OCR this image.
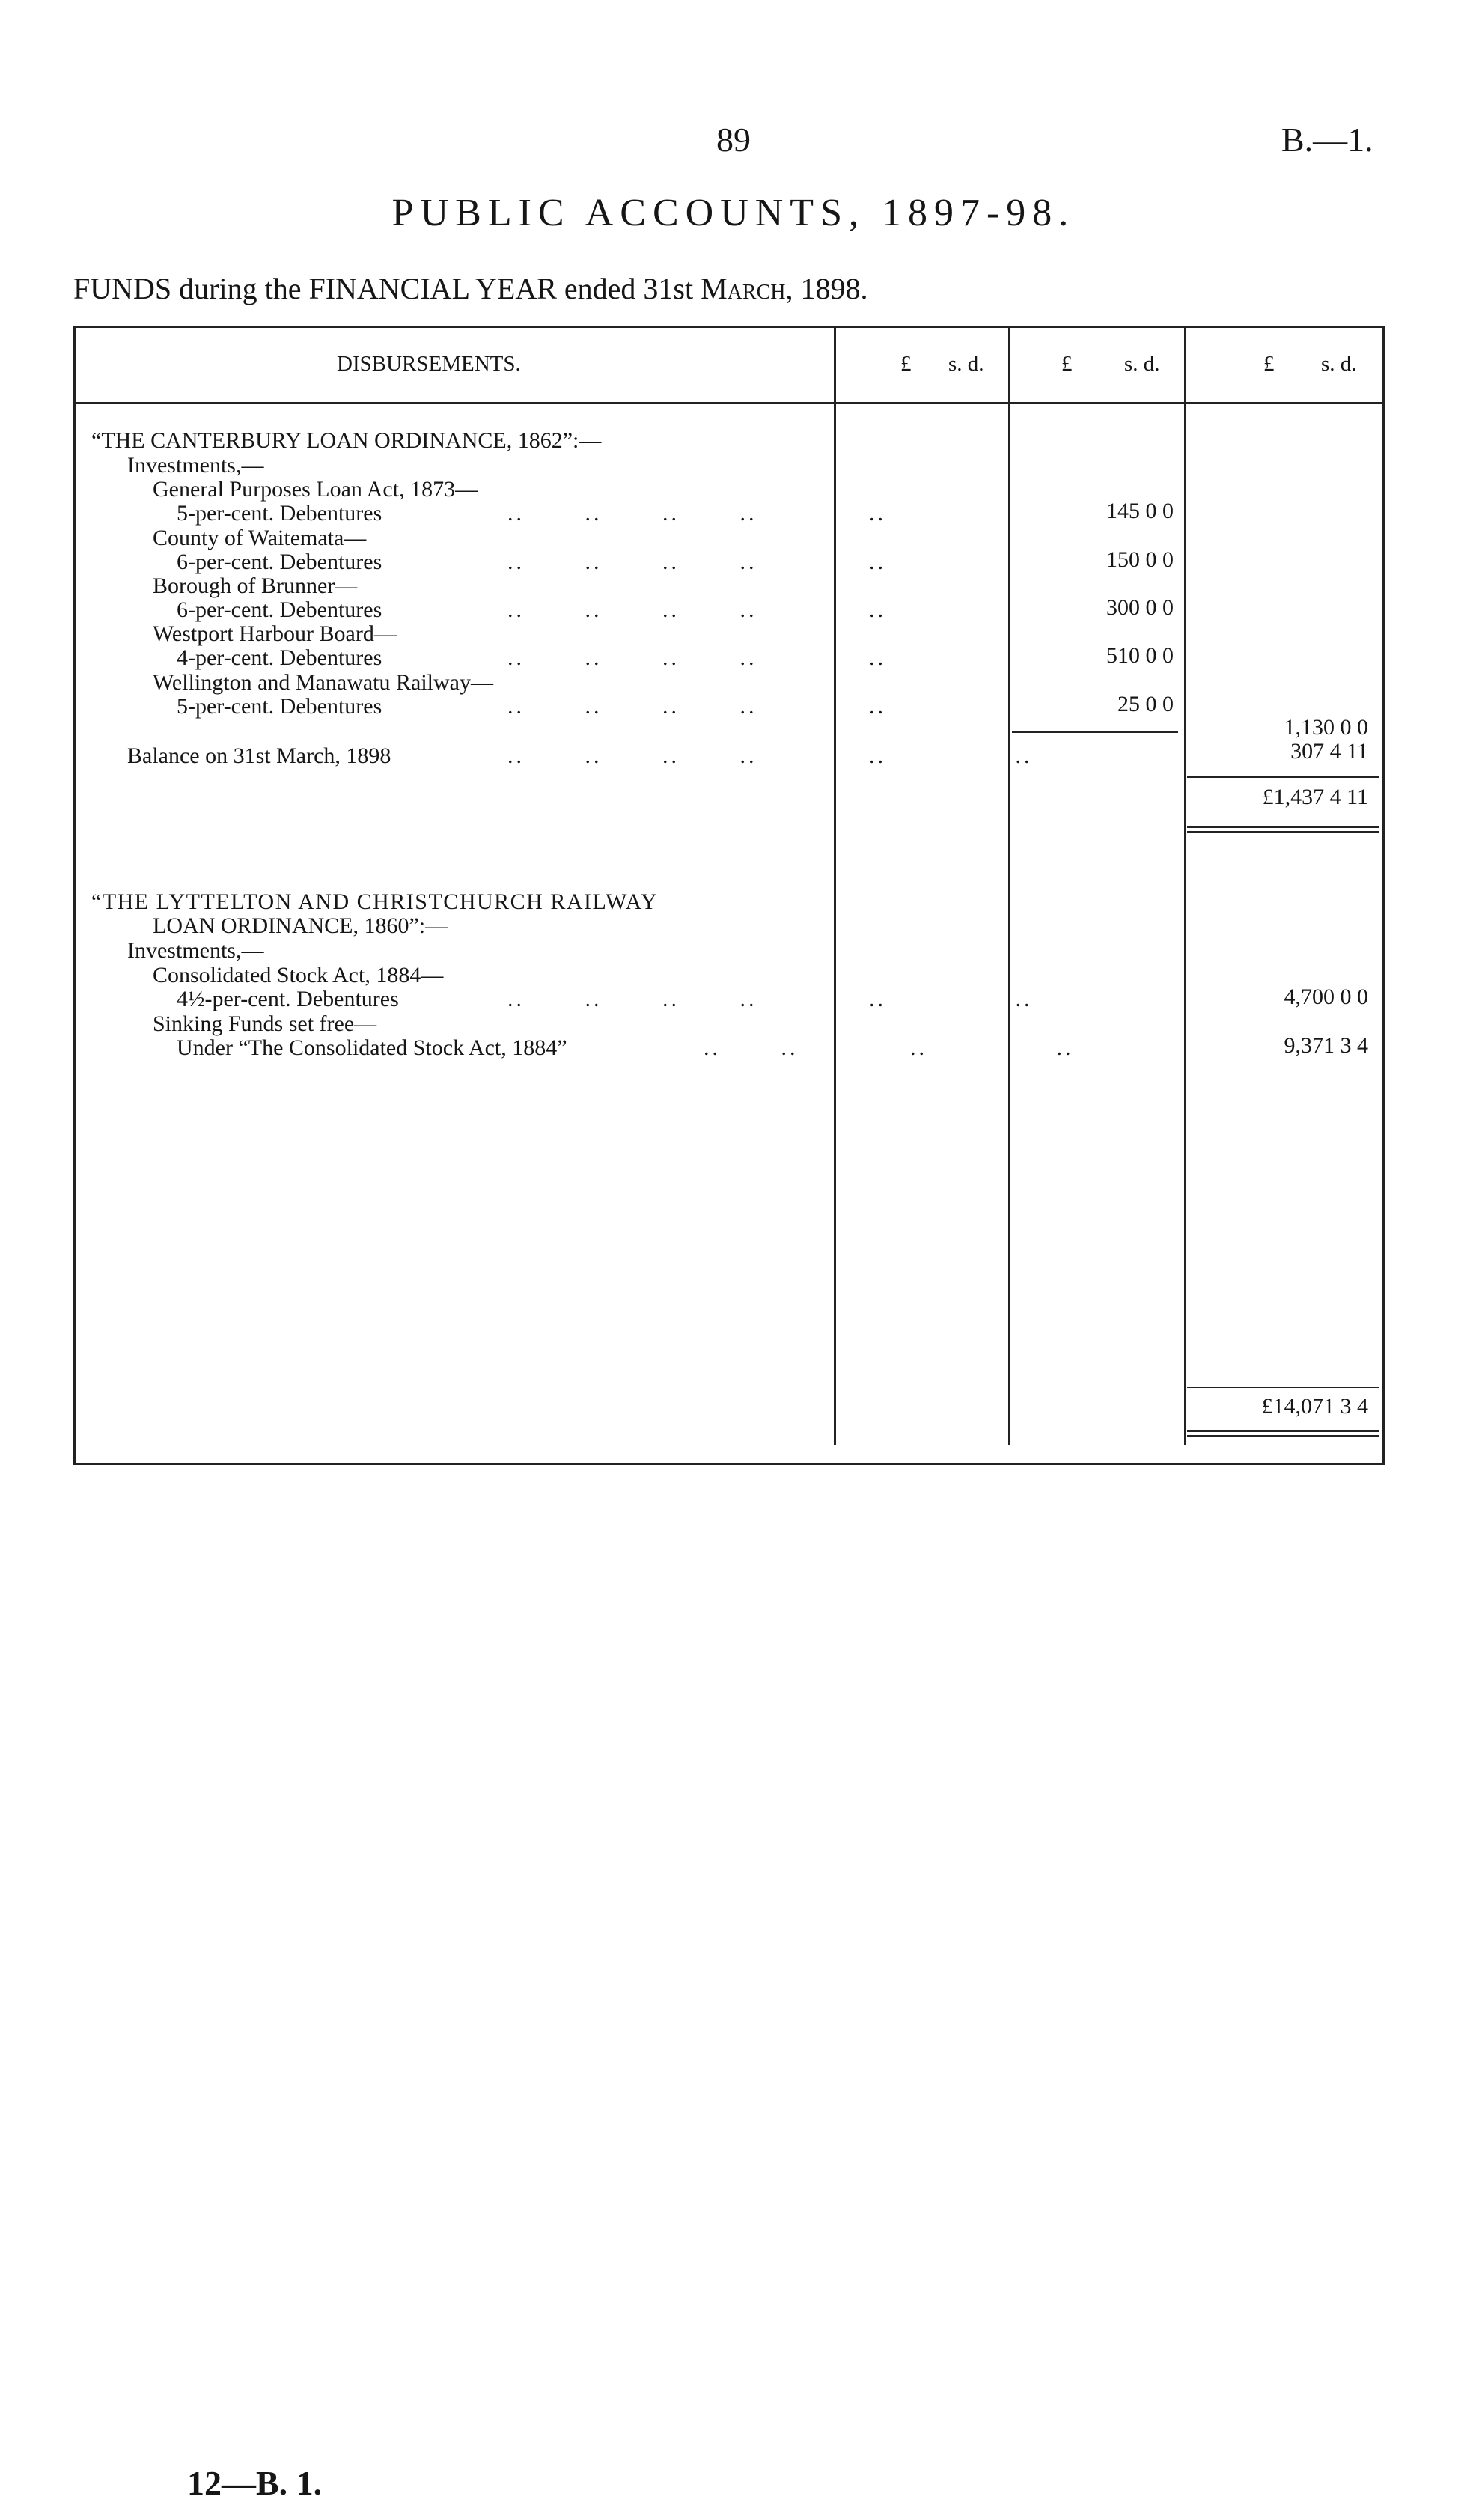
89	B.—1.
PUBLIC ACCOUNTS, 1897-98.
FUNDS during the FINANCIAL YEAR ended 31st March, 1898.
DISBURSEMENTS.	£ s. d.	£ s. d.	£ s. d.
“THE CANTERBURY LOAN ORDINANCE, 1862”:—
Investments,—
General Purposes Loan Act, 1873—
5-per-cent. Debentures	..       ..       ..       ..             ..	145 0 0
County of Waitemata—
6-per-cent. Debentures	..       ..       ..       ..             ..	150 0 0
Borough of Brunner—
6-per-cent. Debentures	..       ..       ..       ..             ..	300 0 0
Westport Harbour Board—
4-per-cent. Debentures	..       ..       ..       ..             ..	510 0 0
Wellington and Manawatu Railway—
5-per-cent. Debentures	..       ..       ..       ..             ..	25 0 0
1,130 0 0
Balance on 31st March, 1898	..       ..       ..       ..             ..               ..	307 4 11
£1,437 4 11
“THE LYTTELTON AND CHRISTCHURCH RAILWAY
LOAN ORDINANCE, 1860”:—
Investments,—
Consolidated Stock Act, 1884—
4½-per-cent. Debentures	..       ..       ..       ..             ..               ..	4,700 0 0
Sinking Funds set free—
Under “The Consolidated Stock Act, 1884”	..       ..             ..               ..	9,371 3 4
£14,071 3 4
12—B. 1.
